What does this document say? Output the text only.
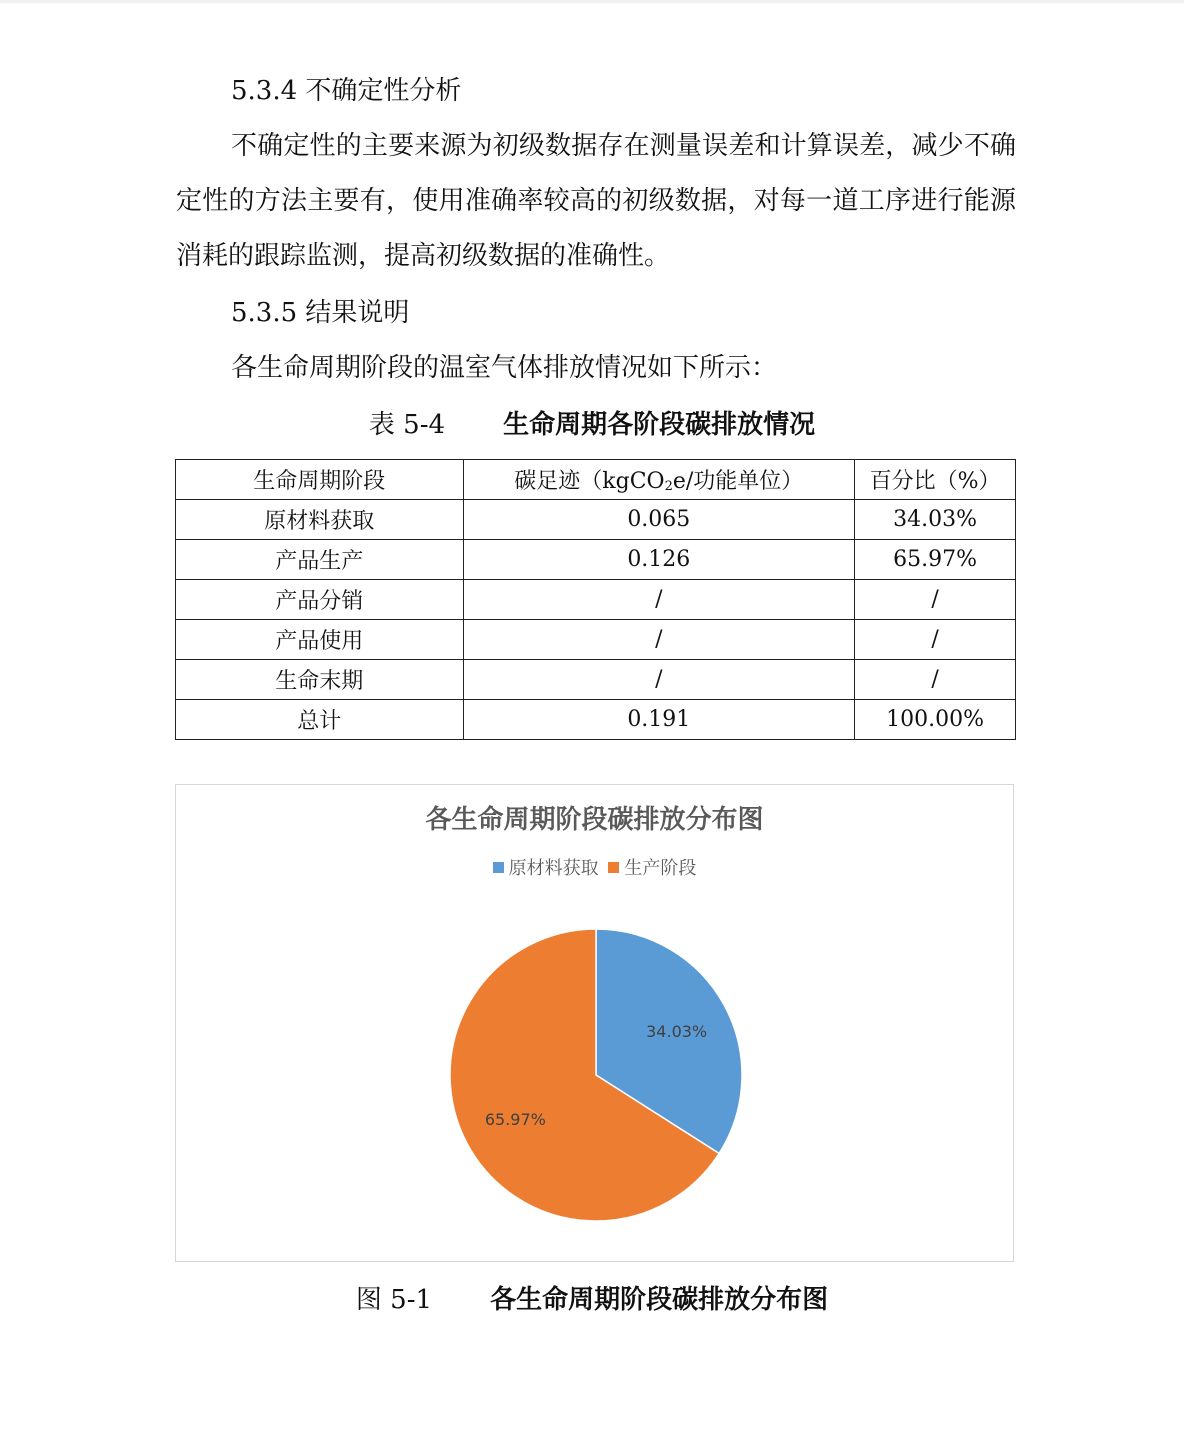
5.3.4 不确定性分析
不确定性的主要来源为初级数据存在测量误差和计算误差，减少不确定性的方法主要有，使用准确率较高的初级数据，对每一道工序进行能源消耗的跟踪监测，提高初级数据的准确性。
5.3.5 结果说明
各生命周期阶段的温室气体排放情况如下所示：
表 5-4 生命周期各阶段碳排放情况
生命周期阶段	碳足迹（kgCO$_2$e/功能单位）	百分比（%）
原材料获取	0.065	34.03%
产品生产	0.126	65.97%
产品分销	/	/
产品使用	/	/
生命末期	/	/
总计	0.191	100.00%
各生命周期阶段碳排放分布图
原材料获取 生产阶段
34.03%
65.97%
图 5-1 各生命周期阶段碳排放分布图
